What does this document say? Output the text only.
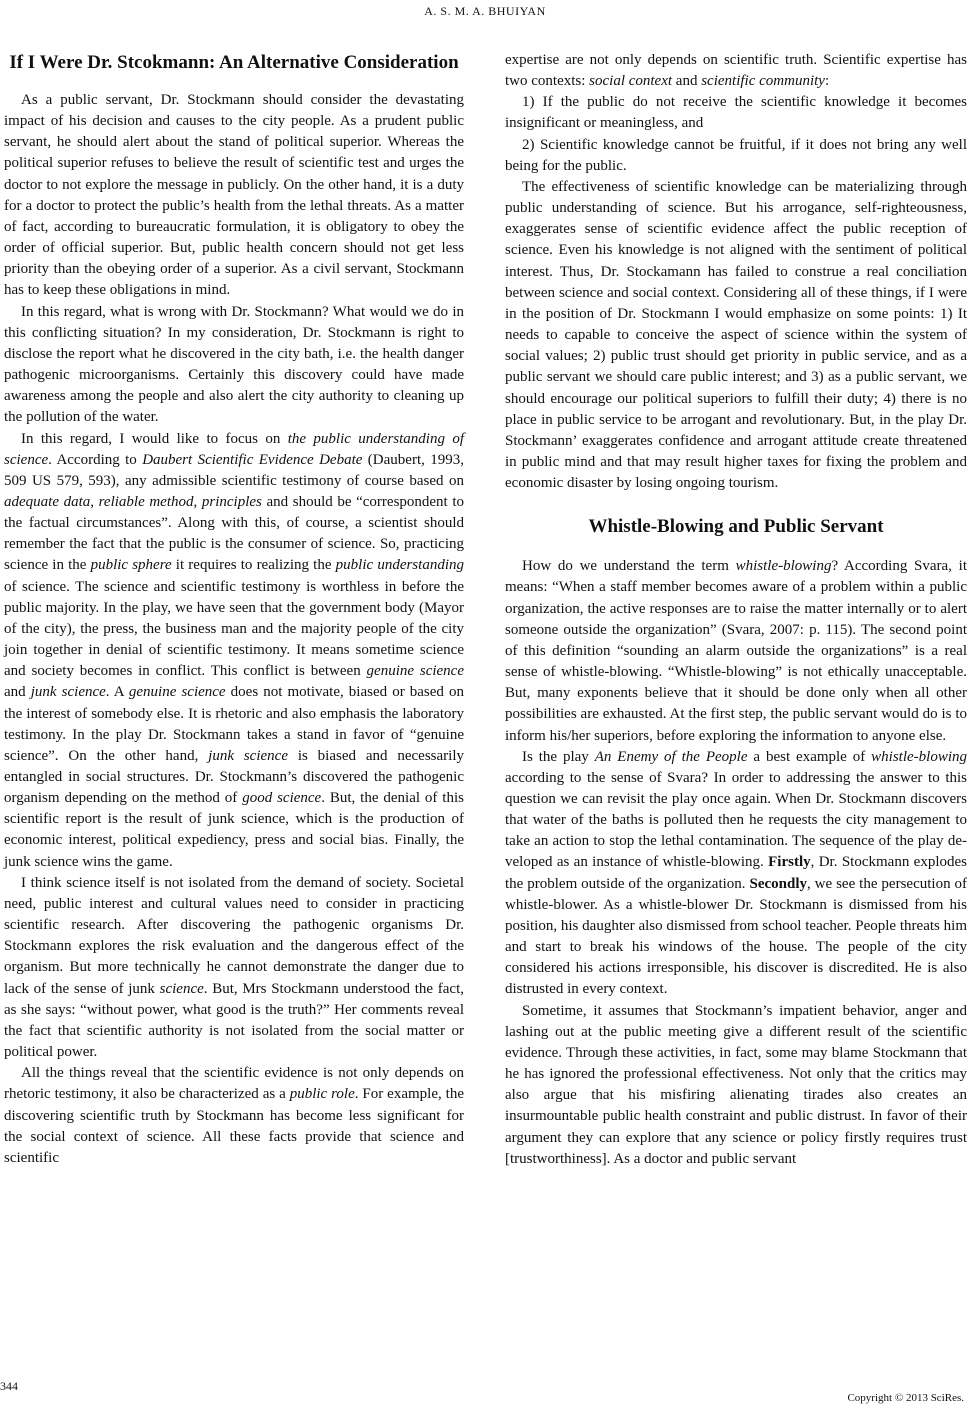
A. S. M. A. BHUIYAN
If I Were Dr. Stcokmann: An Alternative Consideration

As a public servant, Dr. Stockmann should consider the devastating impact of his decision and causes to the city people. As a prudent public servant, he should alert about the stand of political superior. Whereas the political superior refuses to believe the result of scientific test and urges the doctor to not explore the message in publicly. On the other hand, it is a duty for a doctor to protect the public’s health from the lethal threats. As a matter of fact, according to bureaucratic formulation, it is obligatory to obey the order of official superior. But, public health concern should not get less priority than the obeying order of a superior. As a civil servant, Stockmann has to keep these obligations in mind.

In this regard, what is wrong with Dr. Stockmann? What would we do in this conflicting situation? In my consideration, Dr. Stockmann is right to disclose the report what he discovered in the city bath, i.e. the health danger pathogenic microorganisms. Certainly this discovery could have made awareness among the people and also alert the city authority to cleaning up the pollution of the water.

In this regard, I would like to focus on the public understanding of science. According to Daubert Scientific Evidence Debate (Daubert, 1993, 509 US 579, 593), any admissible scientific testimony of course based on adequate data, reliable method, principles and should be “correspondent to the factual circumstances”. Along with this, of course, a scientist should remember the fact that the public is the consumer of science. So, practicing science in the public sphere it requires to realizing the public understanding of science. The science and scientific testimony is worthless in before the public majority. In the play, we have seen that the government body (Mayor of the city), the press, the business man and the majority people of the city join together in denial of scientific testimony. It means sometime science and society becomes in conflict. This conflict is between genuine science and junk science. A genuine science does not motivate, biased or based on the interest of somebody else. It is rhetoric and also emphasis the laboratory testimony. In the play Dr. Stockmann takes a stand in favor of “genuine science”. On the other hand, junk science is biased and necessarily entangled in social structures. Dr. Stockmann’s discovered the pathogenic organism depending on the method of good science. But, the denial of this scientific report is the result of junk science, which is the production of economic interest, political expediency, press and social bias. Finally, the junk science wins the game.

I think science itself is not isolated from the demand of society. Societal need, public interest and cultural values need to consider in practicing scientific research. After discovering the pathogenic organisms Dr. Stockmann explores the risk evaluation and the dangerous effect of the organism. But more technically he cannot demonstrate the danger due to lack of the sense of junk science. But, Mrs Stockmann understood the fact, as she says: “without power, what good is the truth?” Her comments reveal the fact that scientific authority is not isolated from the social matter or political power.

All the things reveal that the scientific evidence is not only depends on rhetoric testimony, it also be characterized as a public role. For example, the discovering scientific truth by Stockmann has become less significant for the social context of science. All these facts provide that science and scientific

expertise are not only depends on scientific truth. Scientific expertise has two contexts: social context and scientific community:

1) If the public do not receive the scientific knowledge it becomes insignificant or meaningless, and

2) Scientific knowledge cannot be fruitful, if it does not bring any well being for the public.

The effectiveness of scientific knowledge can be materializing through public understanding of science. But his arrogance, self-righteousness, exaggerates sense of scientific evidence affect the public reception of science. Even his knowledge is not aligned with the sentiment of political interest. Thus, Dr. Stockamann has failed to construe a real conciliation between science and social context. Considering all of these things, if I were in the position of Dr. Stockmann I would emphasize on some points: 1) It needs to capable to conceive the aspect of science within the system of social values; 2) public trust should get priority in public service, and as a public servant we should care public interest; and 3) as a public servant, we should encourage our political superiors to fulfill their duty; 4) there is no place in public service to be arrogant and revolutionary. But, in the play Dr. Stockmann’ exaggerates confidence and arrogant attitude create threatened in public mind and that may result higher taxes for fixing the problem and economic disaster by losing ongoing tourism.

Whistle-Blowing and Public Servant

How do we understand the term whistle-blowing? According Svara, it means: “When a staff member becomes aware of a problem within a public organization, the active responses are to raise the matter internally or to alert someone outside the organization” (Svara, 2007: p. 115). The second point of this definition “sounding an alarm outside the organizations” is a real sense of whistle-blowing. “Whistle-blowing” is not ethically unacceptable. But, many exponents believe that it should be done only when all other possibilities are exhausted. At the first step, the public servant would do is to inform his/her superiors, before exploring the information to anyone else.

Is the play An Enemy of the People a best example of whistle-blowing according to the sense of Svara? In order to addressing the answer to this question we can revisit the play once again. When Dr. Stockmann discovers that water of the baths is polluted then he requests the city management to take an action to stop the lethal contamination. The sequence of the play developed as an instance of whistle-blowing. Firstly, Dr. Stockmann explodes the problem outside of the organization. Secondly, we see the persecution of whistle-blower. As a whistle-blower Dr. Stockmann is dismissed from his position, his daughter also dismissed from school teacher. People threats him and start to break his windows of the house. The people of the city considered his actions irresponsible, his discover is discredited. He is also distrusted in every context.

Sometime, it assumes that Stockmann’s impatient behavior, anger and lashing out at the public meeting give a different result of the scientific evidence. Through these activities, in fact, some may blame Stockmann that he has ignored the professional effectiveness. Not only that the critics may also argue that his misfiring alienating tirades also creates an insurmountable public health constraint and public distrust. In favor of their argument they can explore that any science or policy firstly requires trust [trustworthiness]. As a doctor and public servant

344
Copyright © 2013 SciRes.
